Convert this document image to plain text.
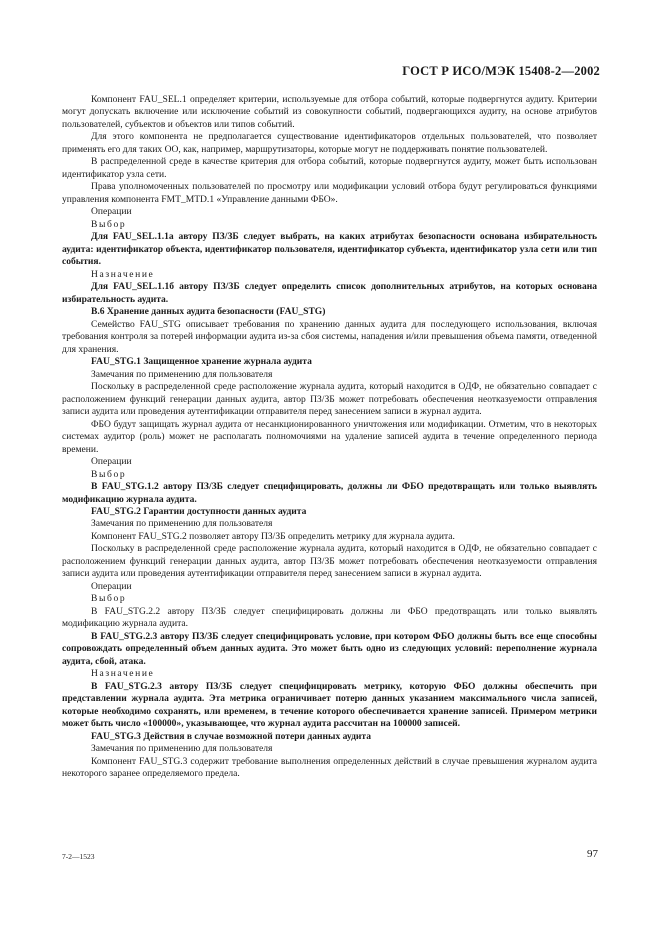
ГОСТ Р ИСО/МЭК 15408-2—2002

Компонент FAU_SEL.1 определяет критерии, используемые для отбора событий, которые подвергнутся аудиту. Критерии могут допускать включение или исключение событий из совокупности событий, подвергающихся аудиту, на основе атрибутов пользователей, субъектов и объектов или типов событий.

Для этого компонента не предполагается существование идентификаторов отдельных пользователей, что позволяет применять его для таких ОО, как, например, маршрутизаторы, которые могут не поддерживать понятие пользователей.

В распределенной среде в качестве критерия для отбора событий, которые подвергнутся аудиту, может быть использован идентификатор узла сети.

Права уполномоченных пользователей по просмотру или модификации условий отбора будут регулироваться функциями управления компонента FMT_MTD.1 «Управление данными ФБО».

Операции

Выбор

Для FAU_SEL.1.1а автору ПЗ/ЗБ следует выбрать, на каких атрибутах безопасности основана избирательность аудита: идентификатор объекта, идентификатор пользователя, идентификатор субъекта, идентификатор узла сети или тип события.

Назначение

Для FAU_SEL.1.1б автору ПЗ/ЗБ следует определить список дополнительных атрибутов, на которых основана избирательность аудита.

В.6 Хранение данных аудита безопасности (FAU_STG)

Семейство FAU_STG описывает требования по хранению данных аудита для последующего использования, включая требования контроля за потерей информации аудита из-за сбоя системы, нападения и/или превышения объема памяти, отведенной для хранения.

FAU_STG.1 Защищенное хранение журнала аудита

Замечания по применению для пользователя

Поскольку в распределенной среде расположение журнала аудита, который находится в ОДФ, не обязательно совпадает с расположением функций генерации данных аудита, автор ПЗ/ЗБ может потребовать обеспечения неотказуемости отправления записи аудита или проведения аутентификации отправителя перед занесением записи в журнал аудита.

ФБО будут защищать журнал аудита от несанкционированного уничтожения или модификации. Отметим, что в некоторых системах аудитор (роль) может не располагать полномочиями на удаление записей аудита в течение определенного периода времени.

Операции

Выбор

В FAU_STG.1.2 автору ПЗ/ЗБ следует специфицировать, должны ли ФБО предотвращать или только выявлять модификацию журнала аудита.

FAU_STG.2 Гарантии доступности данных аудита

Замечания по применению для пользователя

Компонент FAU_STG.2 позволяет автору ПЗ/ЗБ определить метрику для журнала аудита.

Поскольку в распределенной среде расположение журнала аудита, который находится в ОДФ, не обязательно совпадает с расположением функций генерации данных аудита, автор ПЗ/ЗБ может потребовать обеспечения неотказуемости отправления записи аудита или проведения аутентификации отправителя перед занесением записи в журнал аудита.

Операции

Выбор

В FAU_STG.2.2 автору ПЗ/ЗБ следует специфицировать должны ли ФБО предотвращать или только выявлять модификацию журнала аудита.

В FAU_STG.2.3 автору ПЗ/ЗБ следует специфицировать условие, при котором ФБО должны быть все еще способны сопровождать определенный объем данных аудита. Это может быть одно из следующих условий: переполнение журнала аудита, сбой, атака.

Назначение

В FAU_STG.2.3 автору ПЗ/ЗБ следует специфицировать метрику, которую ФБО должны обеспечить при представлении журнала аудита. Эта метрика ограничивает потерю данных указанием максимального числа записей, которые необходимо сохранять, или временем, в течение которого обеспечивается хранение записей. Примером метрики может быть число «100000», указывающее, что журнал аудита рассчитан на 100000 записей.

FAU_STG.3 Действия в случае возможной потери данных аудита

Замечания по применению для пользователя

Компонент FAU_STG.3 содержит требование выполнения определенных действий в случае превышения журналом аудита некоторого заранее определяемого предела.

7-2—1523	97
